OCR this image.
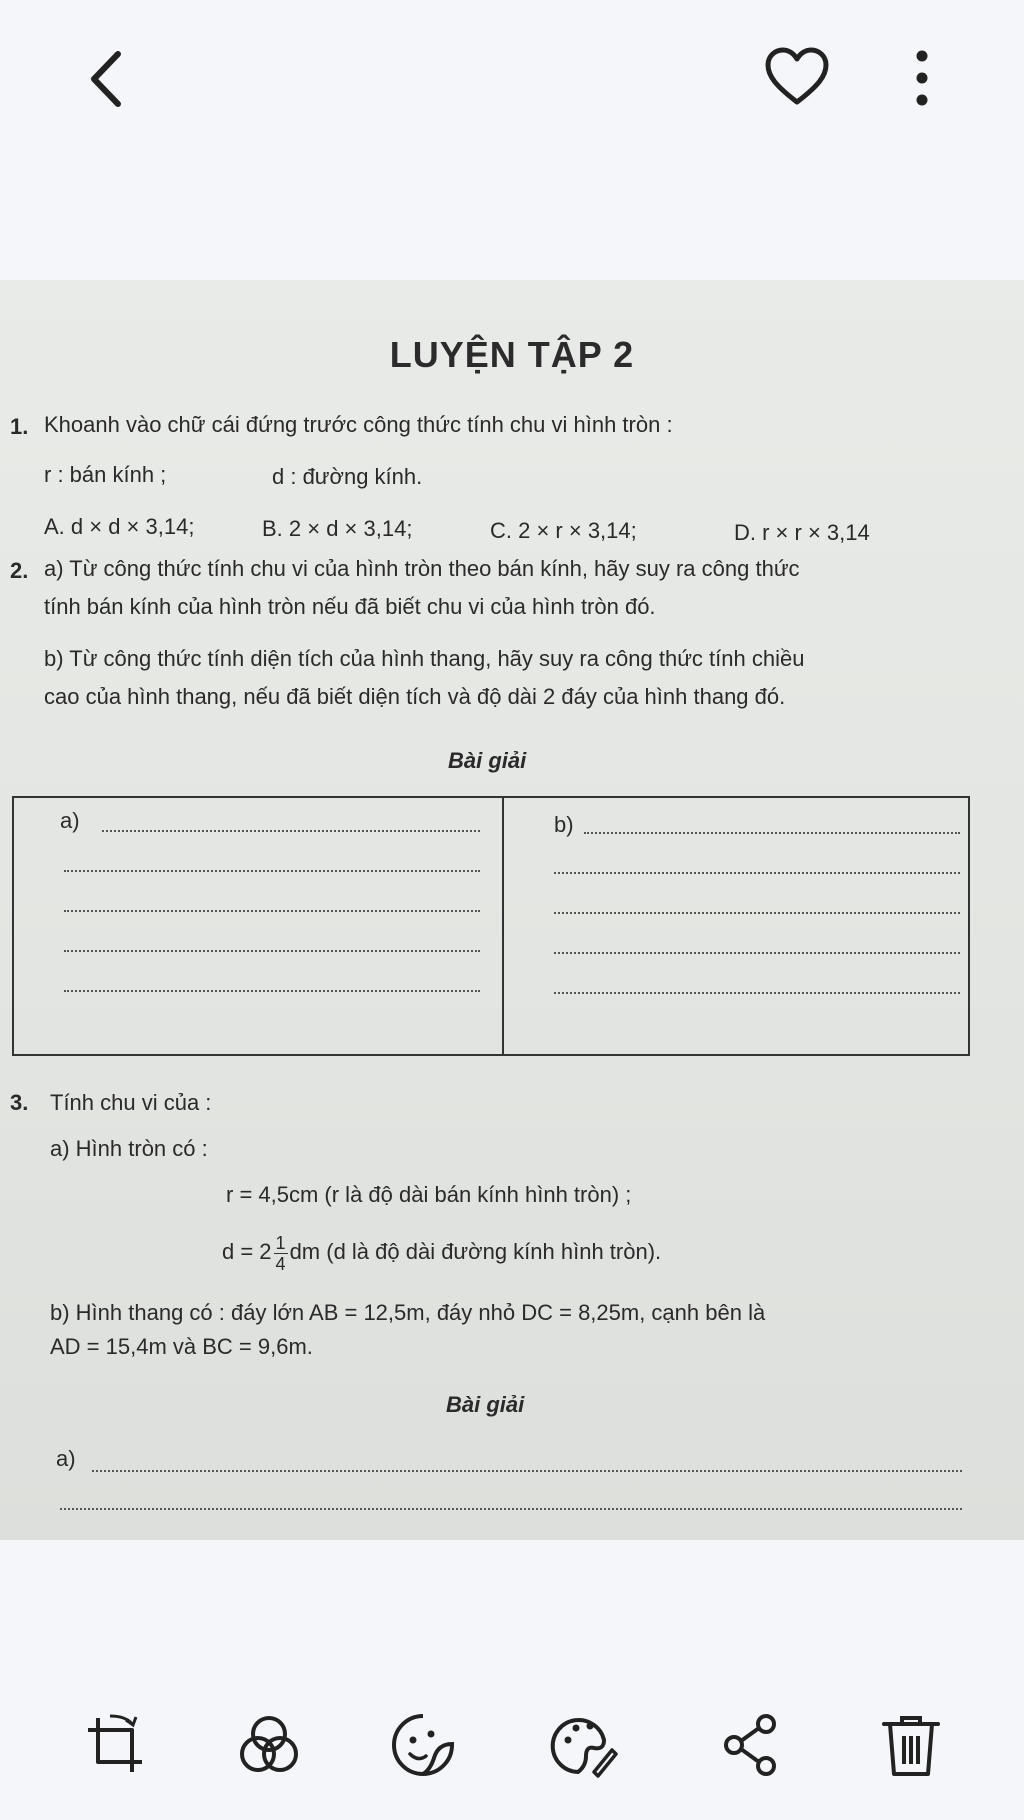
LUYỆN TẬP 2
1. Khoanh vào chữ cái đứng trước công thức tính chu vi hình tròn :
r : bán kính ;	d : đường kính.
A. d × d × 3,14;	B. 2 × d × 3,14;	C. 2 × r × 3,14;	D. r × r × 3,14
2. a) Từ công thức tính chu vi của hình tròn theo bán kính, hãy suy ra công thức
tính bán kính của hình tròn nếu đã biết chu vi của hình tròn đó.
b) Từ công thức tính diện tích của hình thang, hãy suy ra công thức tính chiều
cao của hình thang, nếu đã biết diện tích và độ dài 2 đáy của hình thang đó.
Bài giải
a)	b)
3. Tính chu vi của :
a) Hình tròn có :
r = 4,5cm (r là độ dài bán kính hình tròn) ;
$d = 2 \frac{1}{4}$ dm (d là độ dài đường kính hình tròn).
b) Hình thang có : đáy lớn AB = 12,5m, đáy nhỏ DC = 8,25m, cạnh bên là
AD = 15,4m và BC = 9,6m.
Bài giải
a)
